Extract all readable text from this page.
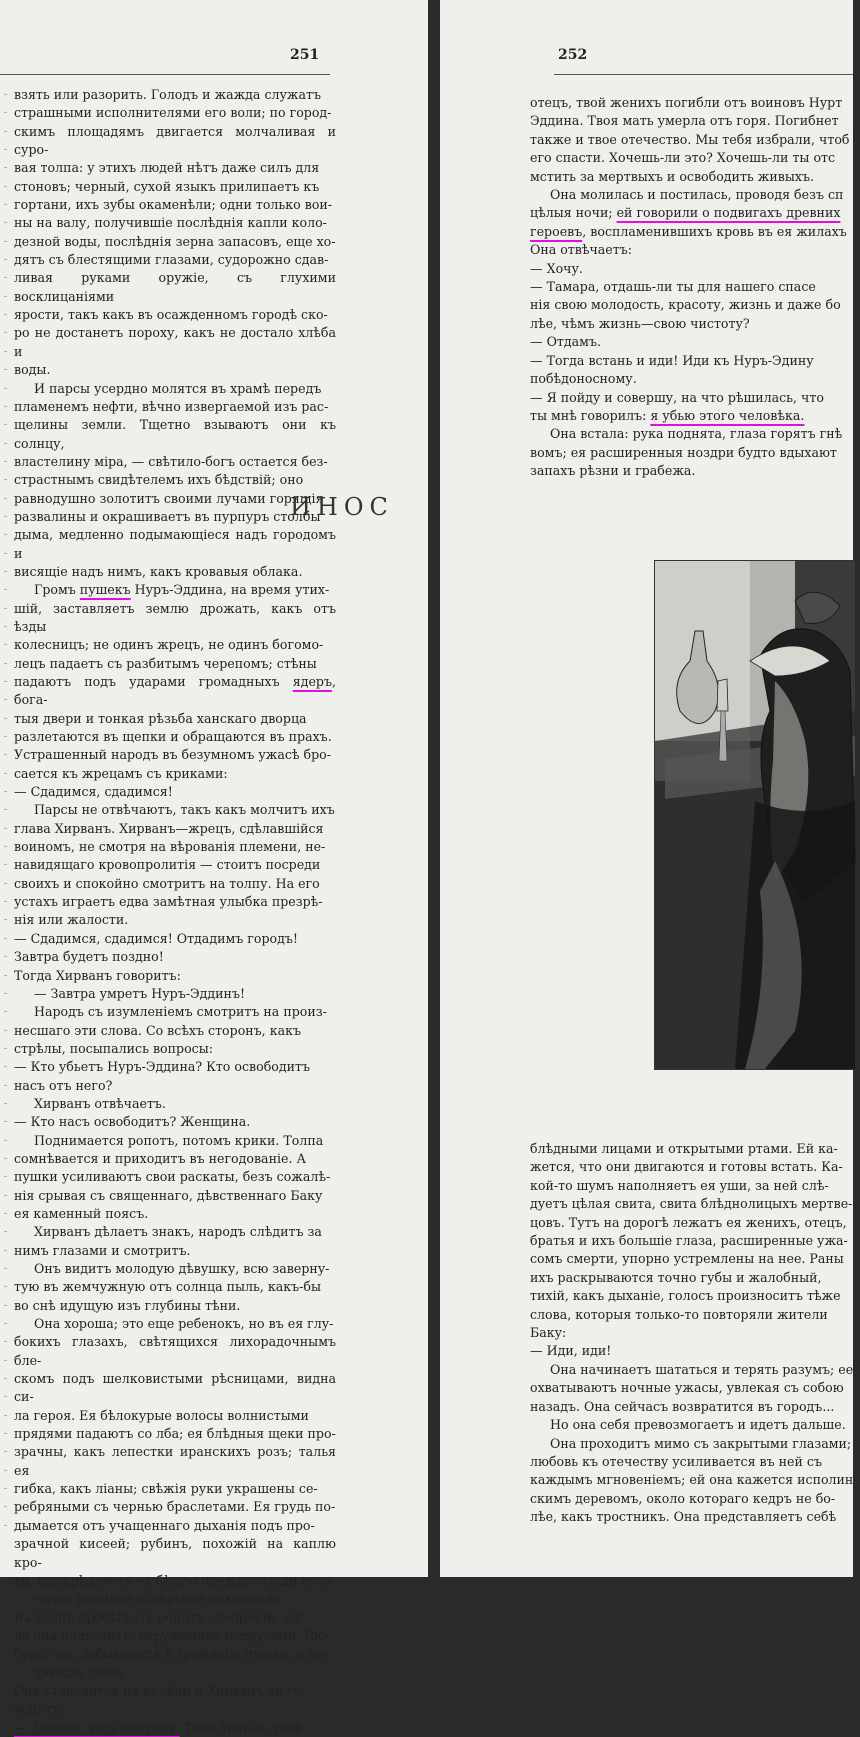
251
-
-
-
-
-
-
-
-
-
-
-
-
-
-
-
-
-
-
-
-
-
-
-
-
-
-
-
-
-
-
-
-
-
-
-
-
-
-
-
-
-
-
-
-
-
-
-
-
-
-
-
-
-
-
-
-
-
-
-
-
-
-
-
-
-
-
-
-
-
-
-
-
-
-
-
-
-
-
-

взять или разорить. Голодъ и жажда служатъ

страшными исполнителями его воли; по город-

скимъ площадямъ двигается молчаливая и суро-

вая толпа: у этихъ людей нѣтъ даже силъ для

стоновъ; черный, сухой языкъ прилипаетъ къ

гортани, ихъ зубы окаменѣли; одни только вои-

ны на валу, получившіе послѣднія капли коло-

дезной воды, послѣднія зерна запасовъ, еще хо-

дятъ съ блестящими глазами, судорожно сдав-

ливая руками оружіе, съ глухими восклицаніями

ярости, такъ какъ въ осажденномъ городѣ ско-

ро не достанетъ пороху, какъ не достало хлѣба и

воды.

И парсы усердно молятся въ храмѣ передъ

пламенемъ нефти, вѣчно извергаемой изъ рас-

щелины земли. Тщетно взываютъ они къ солнцу,

властелину міра, — свѣтило-богъ остается без-

страстнымъ свидѣтелемъ ихъ бѣдствій; оно

равнодушно золотитъ своими лучами горящія

развалины и окрашиваетъ въ пурпуръ столбы

дыма, медленно подымающіеся надъ городомъ и

висящіе надъ нимъ, какъ кровавыя облака.

Громъ пушекъ Нуръ-Эддина, на время утих-

шій, заставляетъ землю дрожать, какъ отъ ѣзды

колесницъ; не одинъ жрецъ, не одинъ богомо-

лецъ падаетъ съ разбитымъ черепомъ; стѣны

падаютъ подъ ударами громадныхъ ядеръ, бога-

тыя двери и тонкая рѣзьба ханскаго дворца

разлетаются въ щепки и обращаются въ прахъ.

Устрашенный народъ въ безумномъ ужасѣ бро-

сается къ жрецамъ съ криками:

— Сдадимся, сдадимся!

Парсы не отвѣчаютъ, такъ какъ молчитъ ихъ

глава Хирванъ. Хирванъ—жрецъ, сдѣлавшійся

воиномъ, не смотря на вѣрованія племени, не-

навидящаго кровопролитія — стоитъ посреди

своихъ и спокойно смотритъ на толпу. На его

устахъ играетъ едва замѣтная улыбка презрѣ-

нія или жалости.

— Сдадимся, сдадимся! Отдадимъ городъ!

Завтра будетъ поздно!

Тогда Хирванъ говоритъ:

— Завтра умретъ Нуръ-Эддинъ!

Народъ съ изумленіемъ смотритъ на произ-

несшаго эти слова. Со всѣхъ сторонъ, какъ

стрѣлы, посыпались вопросы:

— Кто убьетъ Нуръ-Эддина? Кто освободитъ

насъ отъ него?

Хирванъ отвѣчаетъ.

— Кто насъ освободитъ? Женщина.

Поднимается ропотъ, потомъ крики. Толпа

сомнѣвается и приходитъ въ негодованіе. А

пушки усиливаютъ свои раскаты, безъ сожалѣ-

нія срывая съ священнаго, дѣвственнаго Баку

ея каменный поясъ.

Хирванъ дѣлаетъ знакъ, народъ слѣдитъ за

нимъ глазами и смотритъ.

Онъ видитъ молодую дѣвушку, всю заверну-

тую въ жемчужную отъ солнца пыль, какъ-бы

во снѣ идущую изъ глубины тѣни.

Она хороша; это еще ребенокъ, но въ ея глу-

бокихъ глазахъ, свѣтящихся лихорадочнымъ бле-

скомъ подъ шелковистыми рѣсницами, видна си-

ла героя. Ея бѣлокурые волосы волнистыми

прядями падаютъ со лба; ея блѣдныя щеки про-

зрачны, какъ лепестки иранскихъ розъ; талья ея

гибка, какъ ліаны; свѣжія руки украшены се-

ребряными съ чернью браслетами. Ея грудь по-

дымается отъ учащеннаго дыханія подъ про-

зрачной кисеей; рубинъ, похожій на каплю кро-

ви, прикрѣпляетъ ея бѣлую одежду; сзади воло-

чится длинное обьярское покрывало.

Въ толпѣ пробѣгаетъ ропотъ одобренія, ког-

да она подходитъ, окруженная подругами. Лю-

буясь ею, забываются и громящіе пушки, и па-

дающіе люди.

Она становится на колѣни и Хирванъ ей го-

воритъ:

— Тамара, часъ насталъ. Твои братья, твой

252

отецъ, твой женихъ погибли отъ воиновъ Нурт

Эддина. Твоя мать умерла отъ горя. Погибнет

также и твое отечество. Мы тебя избрали, чтоб

его спасти. Хочешь-ли это? Хочешь-ли ты отс

мстить за мертвыхъ и освободить живыхъ.

Она молилась и постилась, проводя безъ сп

цѣлыя ночи; ей говорили о подвигахъ древних

героевъ, воспламенившихъ кровь въ ея жилахъ

Она отвѣчаетъ:

— Хочу.

— Тамара, отдашь-ли ты для нашего спасе

нія свою молодость, красоту, жизнь и даже бо

лѣе, чѣмъ жизнь—свою чистоту?

— Отдамъ.

— Тогда встань и иди! Иди къ Нуръ-Эдину

побѣдоносному.

— Я пойду и совершу, на что рѣшилась, что

ты мнѣ говорилъ: я убью этого человѣка.

Она встала: рука поднята, глаза горятъ гнѣ

вомъ; ея расширенныя ноздри будто вдыхают

запахъ рѣзни и грабежа.

блѣдными лицами и открытыми ртами. Ей ка-

жется, что они двигаются и готовы встать. Ка-

кой-то шумъ наполняетъ ея уши, за ней слѣ-

дуетъ цѣлая свита, свита блѣднолицыхъ мертве-

цовъ. Тутъ на дорогѣ лежатъ ея женихъ, отецъ,

братья и ихъ большіе глаза, расширенные ужа-

сомъ смерти, упорно устремлены на нее. Раны

ихъ раскрываются точно губы и жалобный,

тихій, какъ дыханіе, голосъ произноситъ тѣже

слова, которыя только-то повторяли жители

Баку:

— Иди, иди!

Она начинаетъ шататься и терять разумъ; ее

охватываютъ ночные ужасы, увлекая съ собою

назадъ. Она сейчасъ возвратится въ городъ...

Но она себя превозмогаетъ и идетъ дальше.

Она проходитъ мимо съ закрытыми глазами;

любовь къ отечеству усиливается въ ней съ

каждымъ мгновеніемъ; ей она кажется исполин-

скимъ деревомъ, около котораго кедръ не бо-

лѣе, какъ тростникъ. Она представляетъ себѣ

ИНОС
